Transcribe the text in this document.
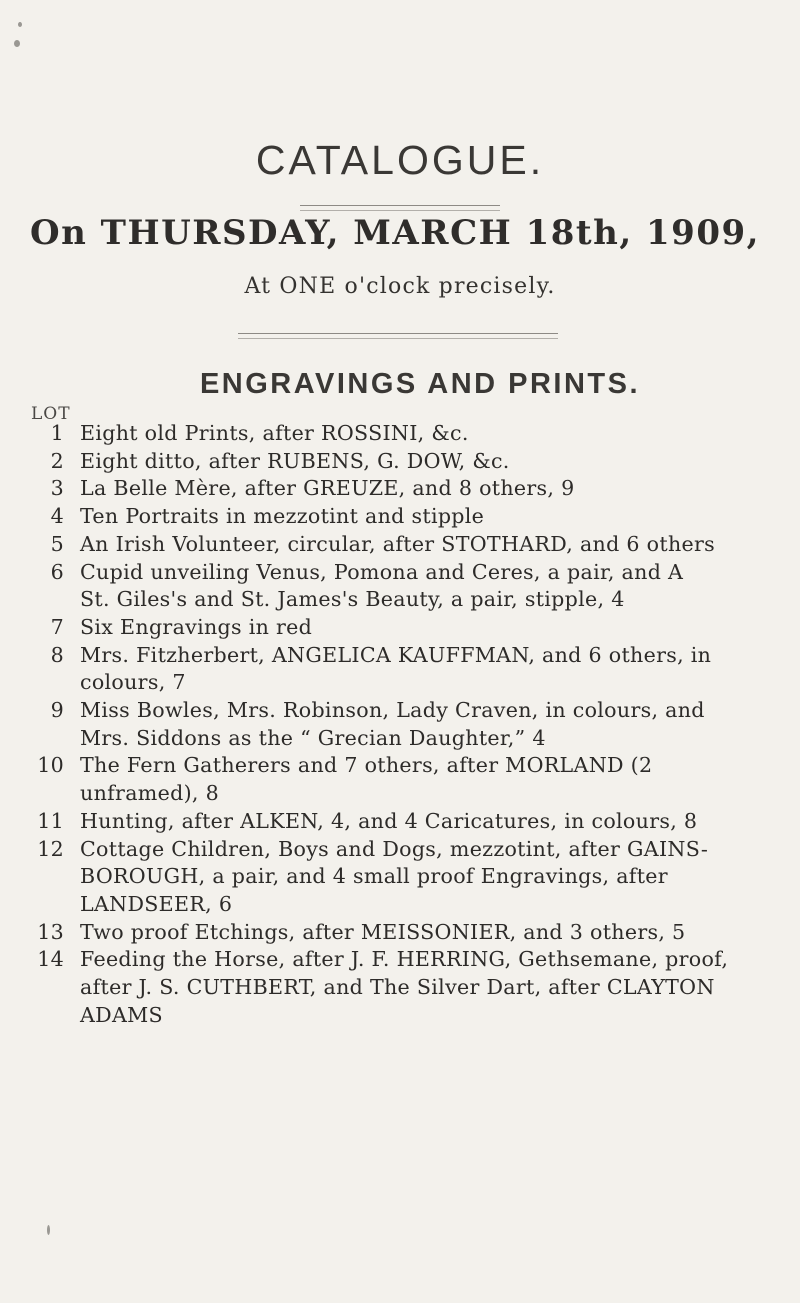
CATALOGUE.
On THURSDAY, MARCH 18th, 1909,
At ONE o'clock precisely.
ENGRAVINGS AND PRINTS.
LOT
1 Eight old Prints, after ROSSINI, &c.
2 Eight ditto, after RUBENS, G. DOW, &c.
3 La Belle Mère, after GREUZE, and 8 others, 9
4 Ten Portraits in mezzotint and stipple
5 An Irish Volunteer, circular, after STOTHARD, and 6 others
6 Cupid unveiling Venus, Pomona and Ceres, a pair, and A
St. Giles's and St. James's Beauty, a pair, stipple, 4
7 Six Engravings in red
8 Mrs. Fitzherbert, ANGELICA KAUFFMAN, and 6 others, in
colours, 7
9 Miss Bowles, Mrs. Robinson, Lady Craven, in colours, and
Mrs. Siddons as the “ Grecian Daughter,” 4
10 The Fern Gatherers and 7 others, after MORLAND (2
unframed), 8
11 Hunting, after ALKEN, 4, and 4 Caricatures, in colours, 8
12 Cottage Children, Boys and Dogs, mezzotint, after GAINS-
BOROUGH, a pair, and 4 small proof Engravings, after
LANDSEER, 6
13 Two proof Etchings, after MEISSONIER, and 3 others, 5
14 Feeding the Horse, after J. F. HERRING, Gethsemane, proof,
after J. S. CUTHBERT, and The Silver Dart, after CLAYTON
ADAMS
